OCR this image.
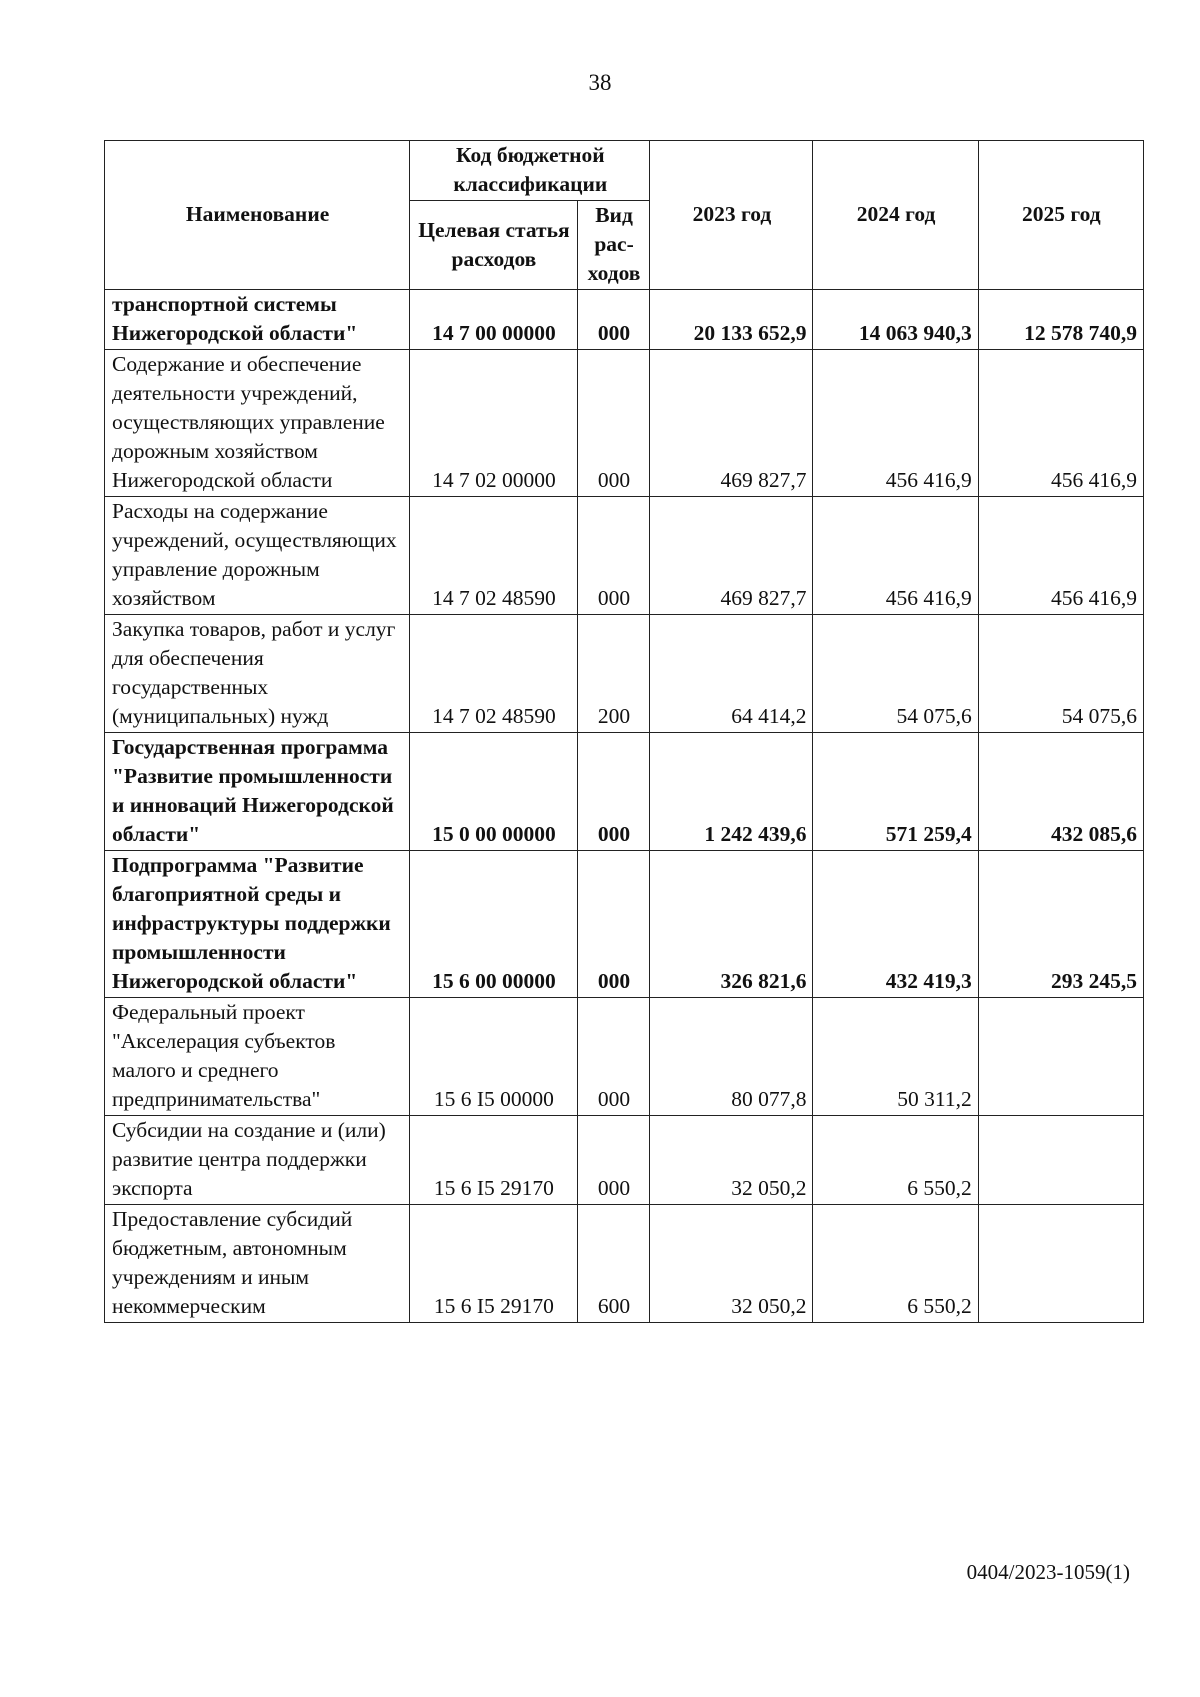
38
Наименование	Код бюджетной классификации		2023 год	2024 год	2025 год
	Целевая статья расходов	Вид рас-ходов			
транспортной системы Нижегородской области"	14 7 00 00000	000	20 133 652,9	14 063 940,3	12 578 740,9
Содержание и обеспечение деятельности учреждений, осуществляющих управление дорожным хозяйством Нижегородской области	14 7 02 00000	000	469 827,7	456 416,9	456 416,9
Расходы на содержание учреждений, осуществляющих управление дорожным хозяйством	14 7 02 48590	000	469 827,7	456 416,9	456 416,9
Закупка товаров, работ и услуг для обеспечения государственных (муниципальных) нужд	14 7 02 48590	200	64 414,2	54 075,6	54 075,6
Государственная программа "Развитие промышленности и инноваций Нижегородской области"	15 0 00 00000	000	1 242 439,6	571 259,4	432 085,6
Подпрограмма "Развитие благоприятной среды и инфраструктуры поддержки промышленности Нижегородской области"	15 6 00 00000	000	326 821,6	432 419,3	293 245,5
Федеральный проект "Акселерация субъектов малого и среднего предпринимательства"	15 6 I5 00000	000	80 077,8	50 311,2	
Субсидии на создание и (или) развитие центра поддержки экспорта	15 6 I5 29170	000	32 050,2	6 550,2	
Предоставление субсидий бюджетным, автономным учреждениям и иным некоммерческим	15 6 I5 29170	600	32 050,2	6 550,2	
0404/2023-1059(1)
